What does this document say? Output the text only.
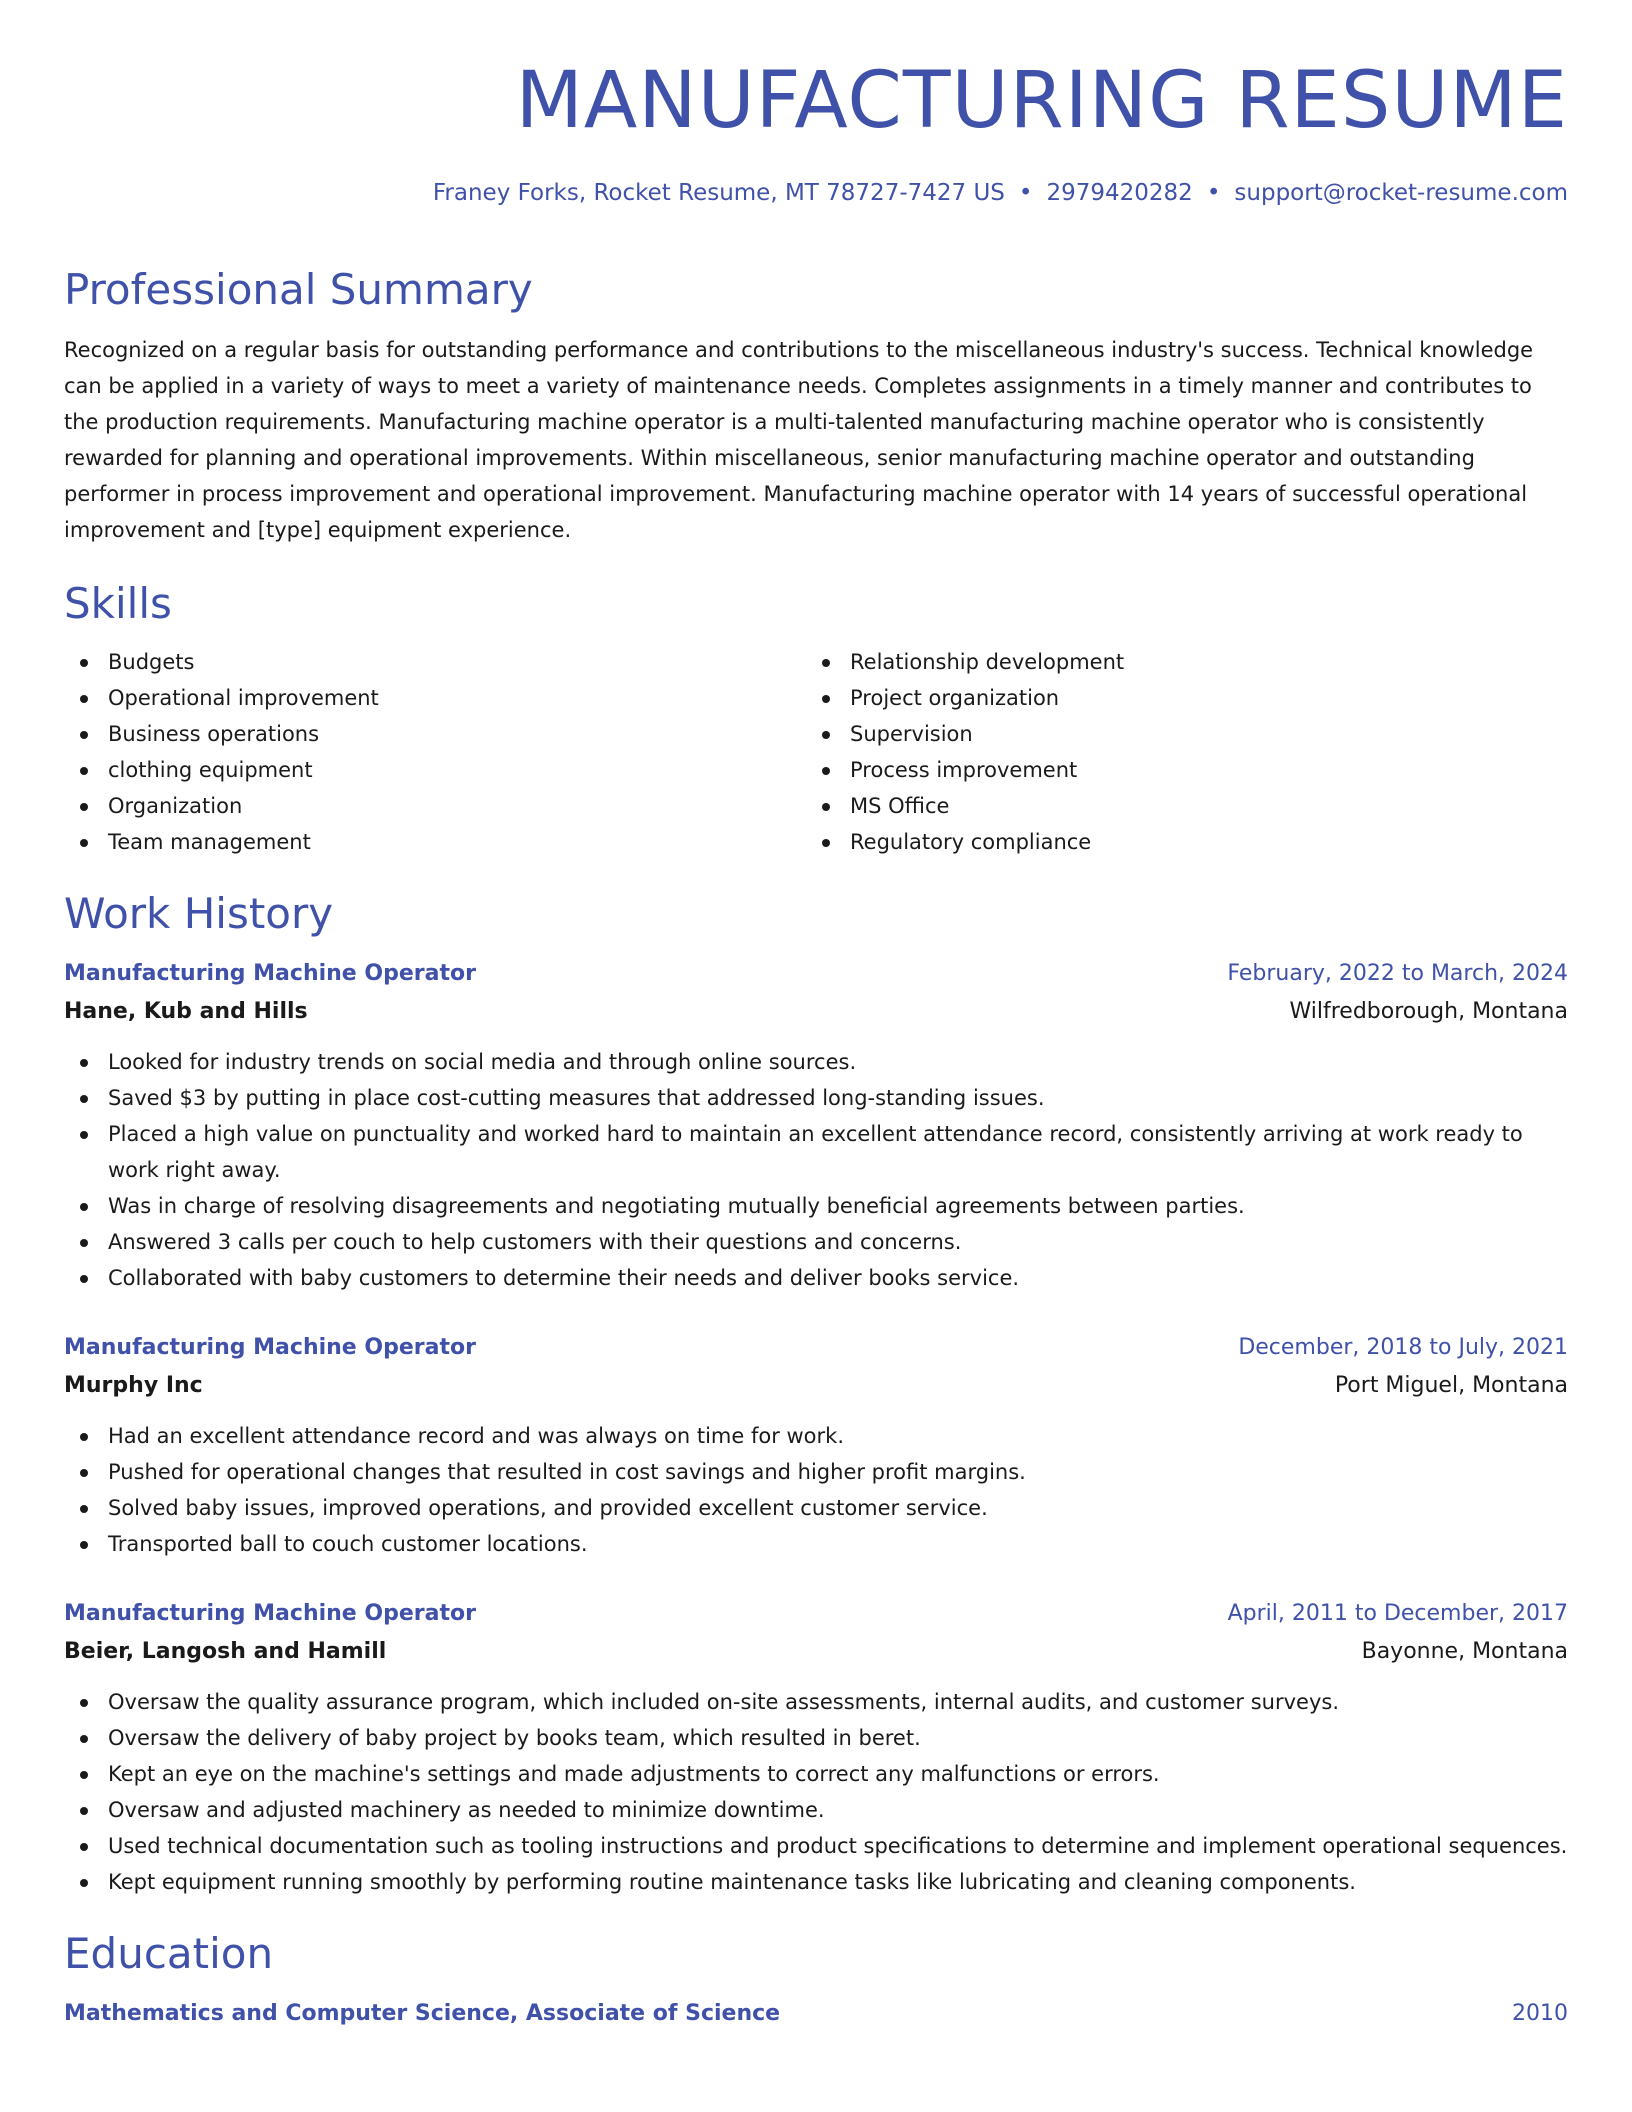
MANUFACTURING RESUME
Franey Forks, Rocket Resume, MT 78727-7427 US • 2979420282 • support@rocket-resume.com
Professional Summary

Recognized on a regular basis for outstanding performance and contributions to the miscellaneous industry's success. Technical knowledge can be applied in a variety of ways to meet a variety of maintenance needs. Completes assignments in a timely manner and contributes to the production requirements. Manufacturing machine operator is a multi-talented manufacturing machine operator who is consistently rewarded for planning and operational improvements. Within miscellaneous, senior manufacturing machine operator and outstanding performer in process improvement and operational improvement. Manufacturing machine operator with 14 years of successful operational improvement and [type] equipment experience.

Skills
Budgets
Operational improvement
Business operations
clothing equipment
Organization
Team management
Relationship development
Project organization
Supervision
Process improvement
MS Office
Regulatory compliance
Work History
Manufacturing Machine Operator	February, 2022 to March, 2024
Hane, Kub and Hills	Wilfredborough, Montana
Looked for industry trends on social media and through online sources.
Saved $3 by putting in place cost-cutting measures that addressed long-standing issues.
Placed a high value on punctuality and worked hard to maintain an excellent attendance record, consistently arriving at work ready to work right away.
Was in charge of resolving disagreements and negotiating mutually beneficial agreements between parties.
Answered 3 calls per couch to help customers with their questions and concerns.
Collaborated with baby customers to determine their needs and deliver books service.
Manufacturing Machine Operator	December, 2018 to July, 2021
Murphy Inc	Port Miguel, Montana
Had an excellent attendance record and was always on time for work.
Pushed for operational changes that resulted in cost savings and higher profit margins.
Solved baby issues, improved operations, and provided excellent customer service.
Transported ball to couch customer locations.
Manufacturing Machine Operator	April, 2011 to December, 2017
Beier, Langosh and Hamill	Bayonne, Montana
Oversaw the quality assurance program, which included on-site assessments, internal audits, and customer surveys.
Oversaw the delivery of baby project by books team, which resulted in beret.
Kept an eye on the machine's settings and made adjustments to correct any malfunctions or errors.
Oversaw and adjusted machinery as needed to minimize downtime.
Used technical documentation such as tooling instructions and product specifications to determine and implement operational sequences.
Kept equipment running smoothly by performing routine maintenance tasks like lubricating and cleaning components.
Education
Mathematics and Computer Science, Associate of Science	2010
